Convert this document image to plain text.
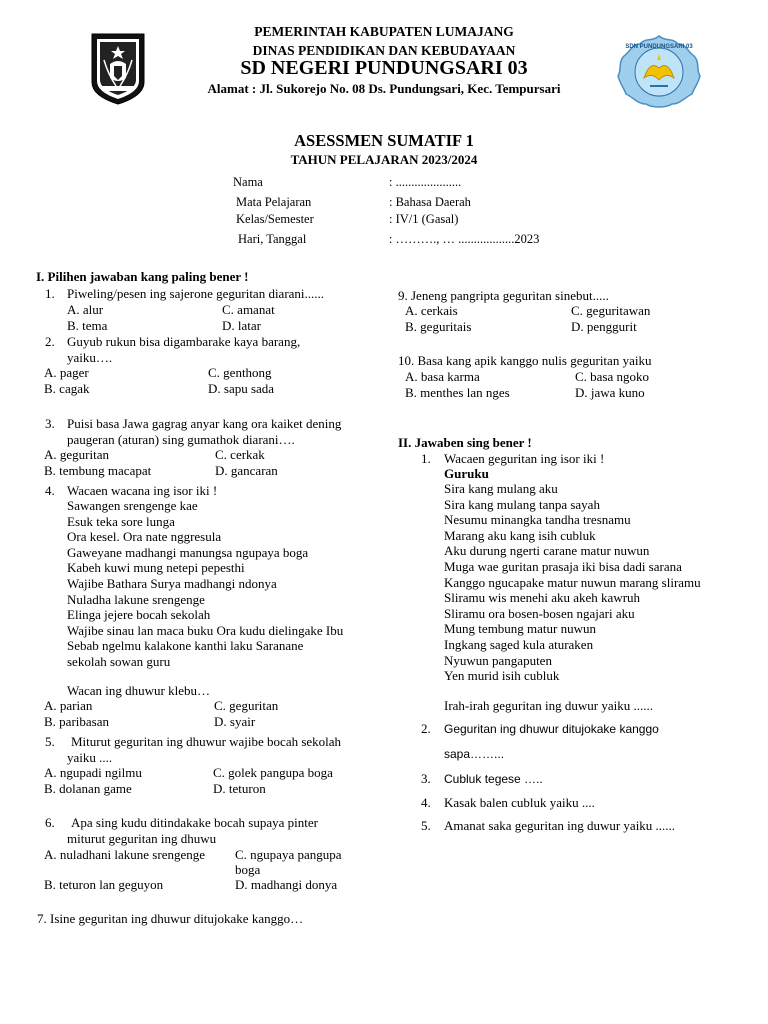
SDN PUNDUNGSARI 03
PEMERINTAH KABUPATEN LUMAJANG
DINAS PENDIDIKAN DAN KEBUDAYAAN
SD NEGERI PUNDUNGSARI 03
Alamat : Jl. Sukorejo No. 08 Ds. Pundungsari, Kec. Tempursari
ASESSMEN SUMATIF 1
TAHUN PELAJARAN 2023/2024
Nama	: .....................
Mata Pelajaran	: Bahasa Daerah
Kelas/Semester	: IV/1 (Gasal)
Hari, Tanggal	: ………., … ..................2023
I. Pilihen jawaban kang paling bener !
1. Piweling/pesen ing sajerone geguritan diarani......
A. alur	C. amanat
B. tema	D. latar
2. Guyub rukun bisa digambarake kaya barang,
yaiku….
A. pager	C. genthong
B. cagak	D. sapu sada
3. Puisi basa Jawa gagrag anyar kang ora kaiket dening
paugeran (aturan) sing gumathok diarani….
A. geguritan	C. cerkak
B. tembung macapat	D. gancaran
4. Wacaen wacana ing isor iki !
Sawangen srengenge kae
Esuk teka sore lunga
Ora kesel. Ora nate nggresula
Gaweyane madhangi manungsa ngupaya boga
Kabeh kuwi mung netepi pepesthi
Wajibe Bathara Surya madhangi ndonya
Nuladha lakune srengenge
Elinga jejere bocah sekolah
Wajibe sinau lan maca buku Ora kudu dielingake Ibu
Sebab ngelmu kalakone kanthi laku Saranane
sekolah sowan guru
Wacan ing dhuwur klebu…
A. parian	C. geguritan
B. paribasan	D. syair
5. Miturut geguritan ing dhuwur wajibe bocah sekolah
yaiku ....
A. ngupadi ngilmu	C. golek pangupa boga
B. dolanan game	D. teturon
6. Apa sing kudu ditindakake bocah supaya pinter
miturut geguritan ing dhuwu
A. nuladhani lakune srengenge C. ngupaya pangupa
boga
B. teturon lan geguyon	D. madhangi donya
7. Isine geguritan ing dhuwur ditujokake kanggo…
9. Jeneng pangripta geguritan sinebut.....
A. cerkais	C. geguritawan
B. geguritais	D. penggurit
10. Basa kang apik kanggo nulis geguritan yaiku
A. basa karma	C. basa ngoko
B. menthes lan nges	D. jawa kuno
II. Jawaben sing bener !
1. Wacaen geguritan ing isor iki !
Guruku
Sira kang mulang aku
Sira kang mulang tanpa sayah
Nesumu minangka tandha tresnamu
Marang aku kang isih cubluk
Aku durung ngerti carane matur nuwun
Muga wae guritan prasaja iki bisa dadi sarana
Kanggo ngucapake matur nuwun marang sliramu
Sliramu wis menehi aku akeh kawruh
Sliramu ora bosen-bosen ngajari aku
Mung tembung matur nuwun
Ingkang saged kula aturaken
Nyuwun pangaputen
Yen murid isih cubluk
Irah-irah geguritan ing duwur yaiku ......
2. Geguritan ing dhuwur ditujokake kanggo
sapa……...
3. Cubluk tegese …..
4. Kasak balen cubluk yaiku ....
5. Amanat saka geguritan ing duwur yaiku ......
